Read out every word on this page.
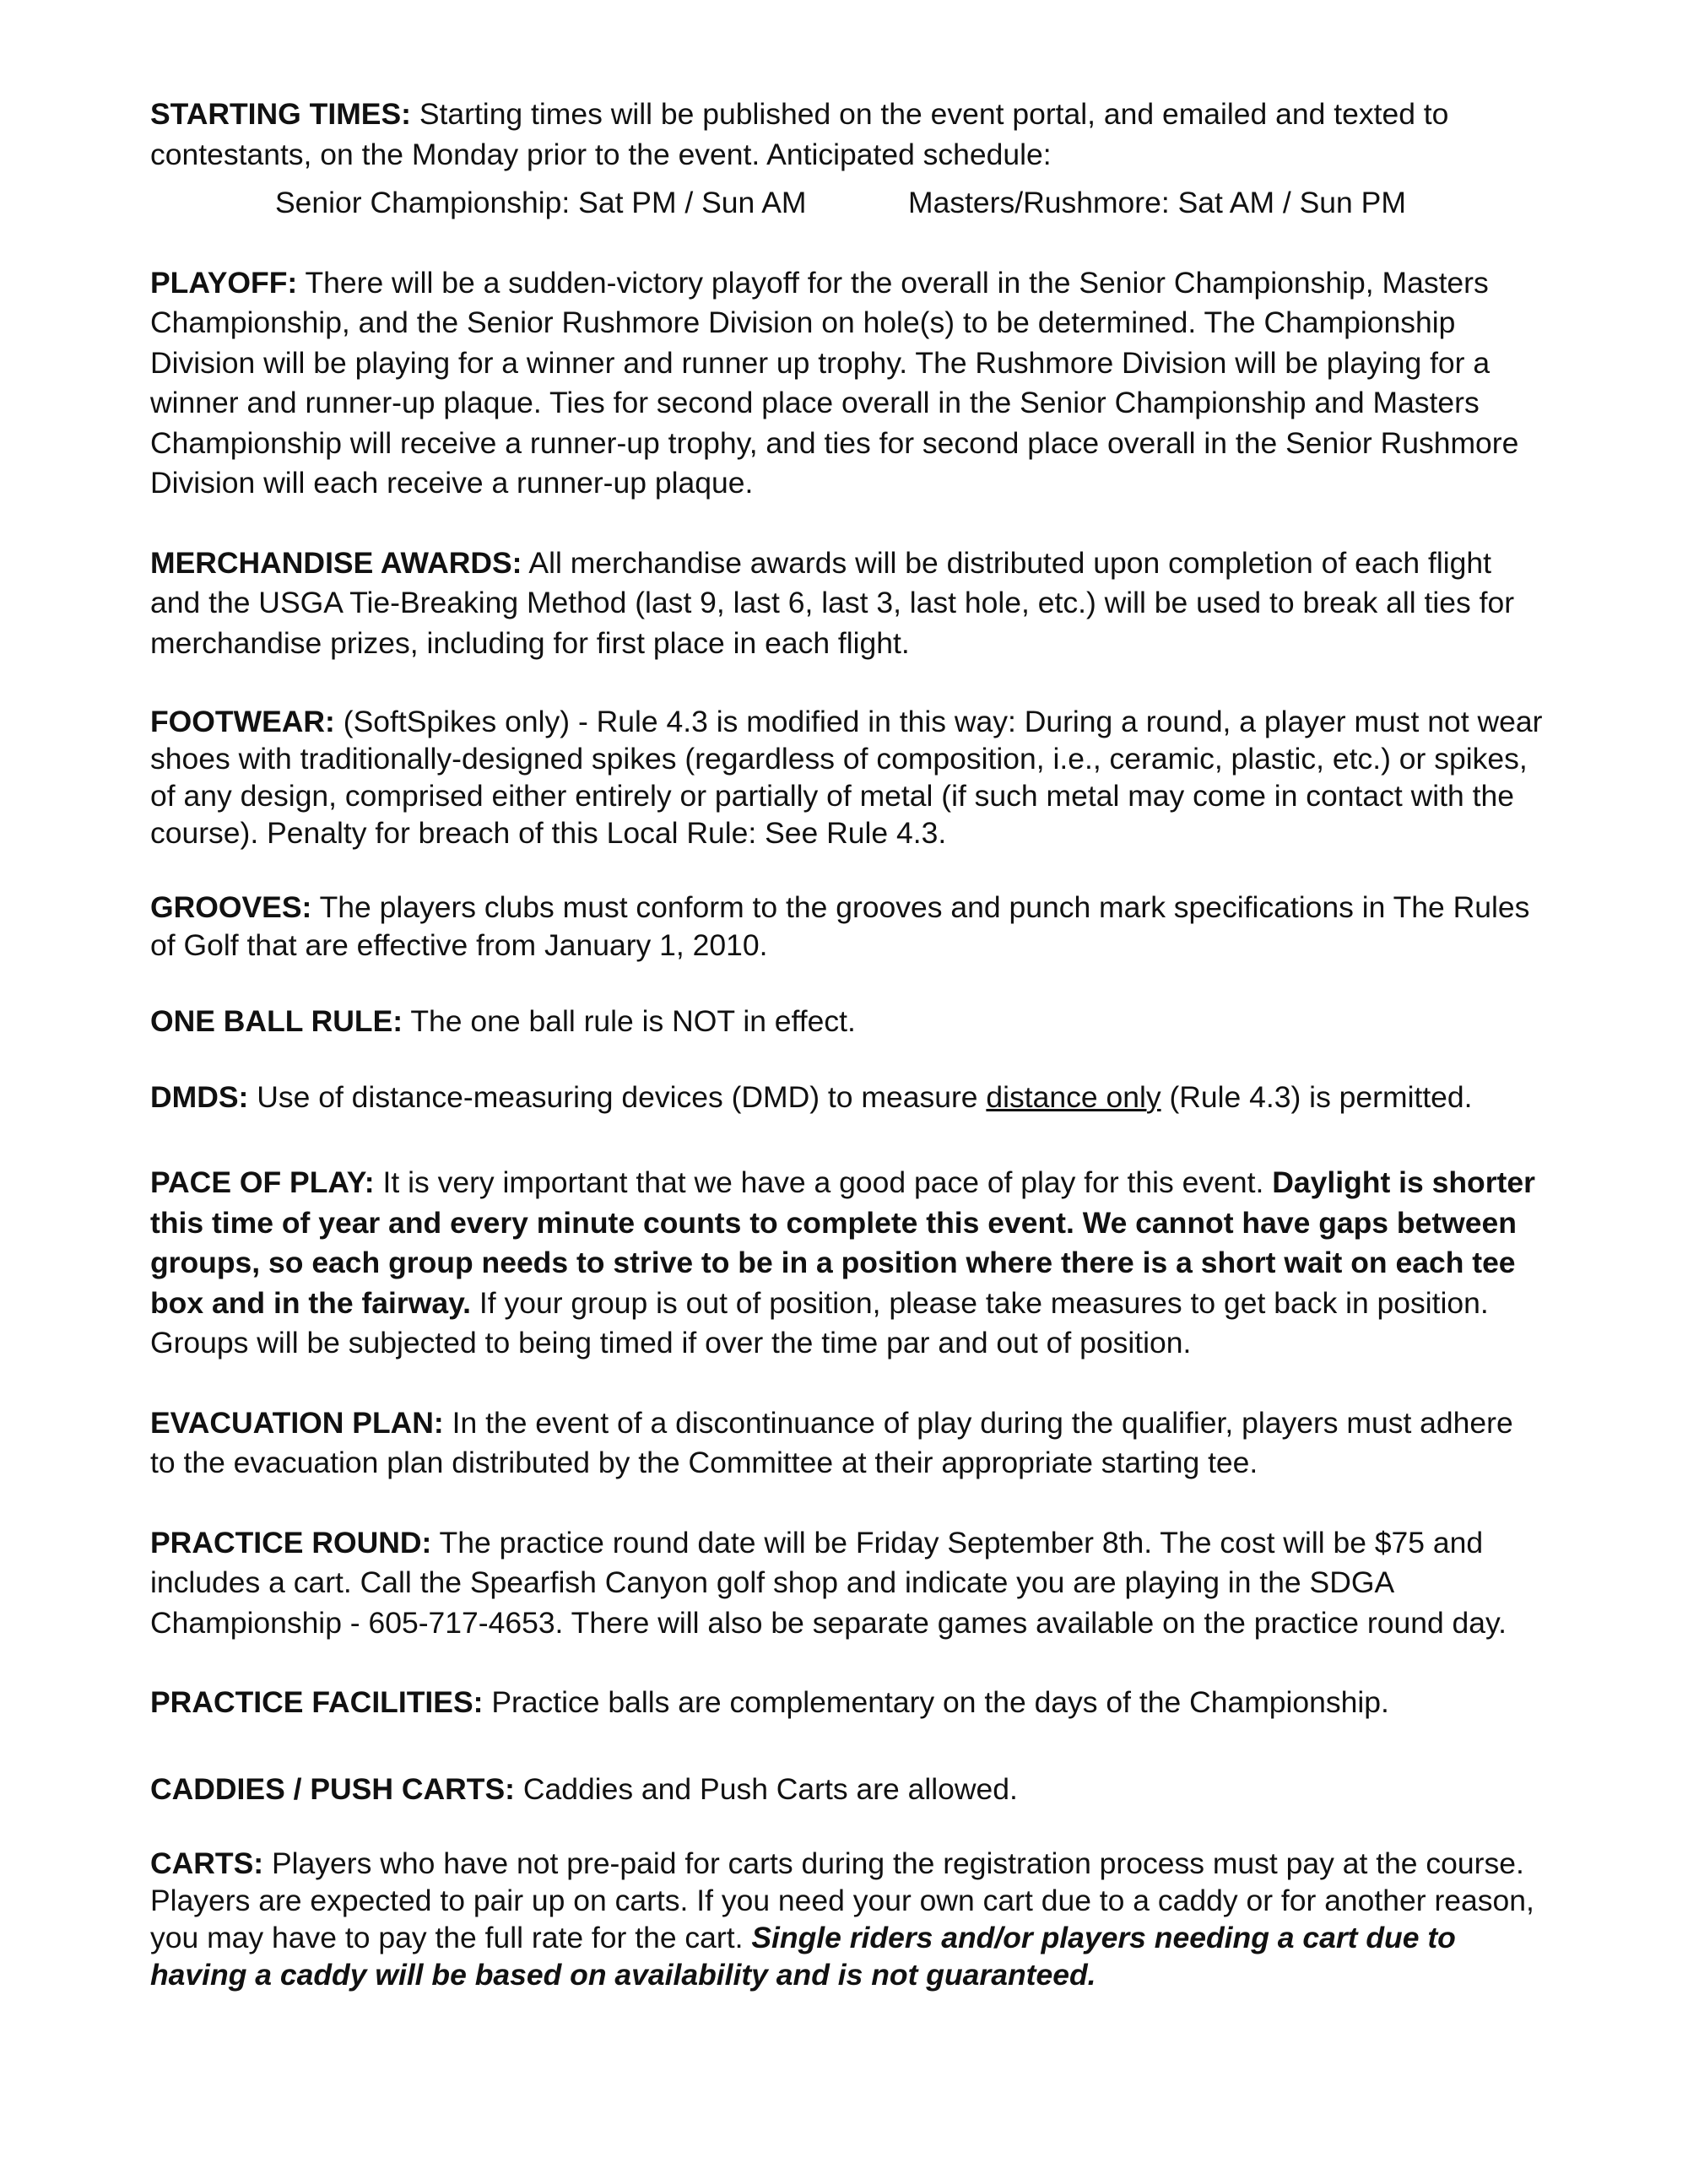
STARTING TIMES: Starting times will be published on the event portal, and emailed and texted to contestants, on the Monday prior to the event. Anticipated schedule:
Senior Championship: Sat PM / Sun AM	Masters/Rushmore: Sat AM / Sun PM
PLAYOFF: There will be a sudden-victory playoff for the overall in the Senior Championship, Masters Championship, and the Senior Rushmore Division on hole(s) to be determined. The Championship Division will be playing for a winner and runner up trophy. The Rushmore Division will be playing for a winner and runner-up plaque. Ties for second place overall in the Senior Championship and Masters Championship will receive a runner-up trophy, and ties for second place overall in the Senior Rushmore Division will each receive a runner-up plaque.
MERCHANDISE AWARDS: All merchandise awards will be distributed upon completion of each flight and the USGA Tie-Breaking Method (last 9, last 6, last 3, last hole, etc.) will be used to break all ties for merchandise prizes, including for first place in each flight.
FOOTWEAR: (SoftSpikes only) - Rule 4.3 is modified in this way: During a round, a player must not wear shoes with traditionally-designed spikes (regardless of composition, i.e., ceramic, plastic, etc.) or spikes, of any design, comprised either entirely or partially of metal (if such metal may come in contact with the course). Penalty for breach of this Local Rule: See Rule 4.3.
GROOVES: The players clubs must conform to the grooves and punch mark specifications in The Rules of Golf that are effective from January 1, 2010.
ONE BALL RULE: The one ball rule is NOT in effect.
DMDS: Use of distance-measuring devices (DMD) to measure distance only (Rule 4.3) is permitted.
PACE OF PLAY: It is very important that we have a good pace of play for this event. Daylight is shorter this time of year and every minute counts to complete this event. We cannot have gaps between groups, so each group needs to strive to be in a position where there is a short wait on each tee box and in the fairway. If your group is out of position, please take measures to get back in position. Groups will be subjected to being timed if over the time par and out of position.
EVACUATION PLAN: In the event of a discontinuance of play during the qualifier, players must adhere to the evacuation plan distributed by the Committee at their appropriate starting tee.
PRACTICE ROUND: The practice round date will be Friday September 8th. The cost will be $75 and includes a cart. Call the Spearfish Canyon golf shop and indicate you are playing in the SDGA Championship - 605-717-4653. There will also be separate games available on the practice round day.
PRACTICE FACILITIES: Practice balls are complementary on the days of the Championship.
CADDIES / PUSH CARTS: Caddies and Push Carts are allowed.
CARTS: Players who have not pre-paid for carts during the registration process must pay at the course. Players are expected to pair up on carts. If you need your own cart due to a caddy or for another reason, you may have to pay the full rate for the cart. Single riders and/or players needing a cart due to having a caddy will be based on availability and is not guaranteed.
